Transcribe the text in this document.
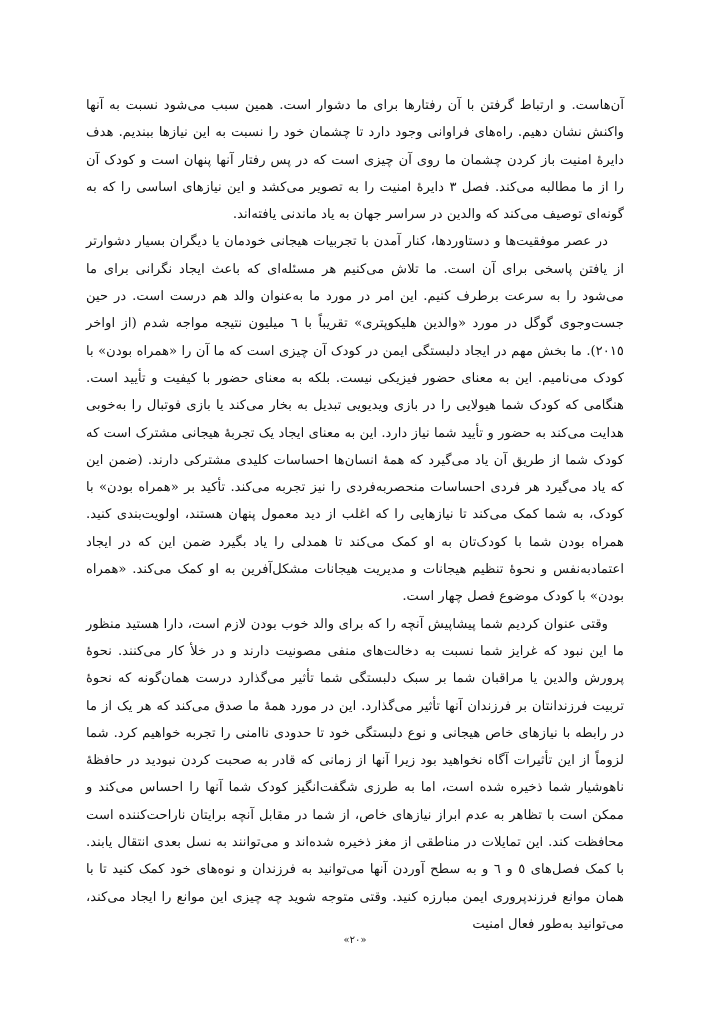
آن‌هاست. و ارتباط گرفتن با آن رفتارها برای ما دشوار است. همین سبب می‌شود نسبت به آنها واکنش نشان دهیم. راه‌های فراوانی وجود دارد تا چشمان خود را نسبت به این نیازها ببندیم. هدف دایرهٔ امنیت باز کردن چشمان ما روی آن چیزی است که در پس رفتار آنها پنهان است و کودک آن را از ما مطالبه می‌کند. فصل ۳ دایرهٔ امنیت را به تصویر می‌کشد و این نیازهای اساسی را که به گونه‌ای توصیف می‌کند که والدین در سراسر جهان به یاد ماندنی یافته‌اند.

در عصر موفقیت‌ها و دستاوردها، کنار آمدن با تجربیات هیجانی خودمان یا دیگران بسیار دشوارتر از یافتن پاسخی برای آن است. ما تلاش می‌کنیم هر مسئله‌ای که باعث ایجاد نگرانی برای ما می‌شود را به سرعت برطرف کنیم. این امر در مورد ما به‌عنوان والد هم درست است. در حین جست‌وجوی گوگل در مورد «والدین هلیکوپتری» تقریباً با ٦ میلیون نتیجه مواجه شدم (از اواخر ٢٠١٥). ما بخش مهم در ایجاد دلبستگی ایمن در کودک آن چیزی است که ما آن را «همراه بودن» با کودک می‌نامیم. این به معنای حضور فیزیکی نیست. بلکه به معنای حضور با کیفیت و تأیید است. هنگامی که کودک شما هیولایی را در بازی ویدیویی تبدیل به بخار می‌کند یا بازی فوتبال را به‌خوبی هدایت می‌کند به حضور و تأیید شما نیاز دارد. این به معنای ایجاد یک تجربهٔ هیجانی مشترک است که کودک شما از طریق آن یاد می‌گیرد که همهٔ انسان‌ها احساسات کلیدی مشترکی دارند. (ضمن این که یاد می‌گیرد هر فردی احساسات منحصربه‌فردی را نیز تجربه می‌کند. تأکید بر «همراه بودن» با کودک، به شما کمک می‌کند تا نیازهایی را که اغلب از دید معمول پنهان هستند، اولویت‌بندی کنید. همراه بودن شما با کودک‌تان به او کمک می‌کند تا همدلی را یاد بگیرد ضمن این که در ایجاد اعتمادبه‌نفس و نحوهٔ تنظیم هیجانات و مدیریت هیجانات مشکل‌آفرین به او کمک می‌کند. «همراه بودن» با کودک موضوع فصل چهار است.

وقتی عنوان کردیم شما پیشاپیش آنچه را که برای والد خوب بودن لازم است، دارا هستید منظور ما این نبود که غرایز شما نسبت به دخالت‌های منفی مصونیت دارند و در خلأ کار می‌کنند. نحوهٔ پرورش والدین یا مراقبان شما بر سبک دلبستگی شما تأثیر می‌گذارد درست همان‌گونه که نحوهٔ تربیت فرزندانتان بر فرزندان آنها تأثیر می‌گذارد. این در مورد همهٔ ما صدق می‌کند که هر یک از ما در رابطه با نیازهای خاص هیجانی و نوع دلبستگی خود تا حدودی ناامنی را تجربه خواهیم کرد. شما لزوماً از این تأثیرات آگاه نخواهید بود زیرا آنها از زمانی که قادر به صحبت کردن نبودید در حافظهٔ ناهوشیار شما ذخیره شده است، اما به طرزی شگفت‌انگیز کودک شما آنها را احساس می‌کند و ممکن است با تظاهر به عدم ابراز نیازهای خاص، از شما در مقابل آنچه برایتان ناراحت‌کننده است محافظت کند. این تمایلات در مناطقی از مغز ذخیره شده‌اند و می‌توانند به نسل بعدی انتقال یابند. با کمک فصل‌های ٥ و ٦ و به سطح آوردن آنها می‌توانید به فرزندان و نوه‌های خود کمک کنید تا با همان موانع فرزندپروری ایمن مبارزه کنید. وقتی متوجه شوید چه چیزی این موانع را ایجاد می‌کند، می‌توانید به‌طور فعال امنیت

«٢٠»
